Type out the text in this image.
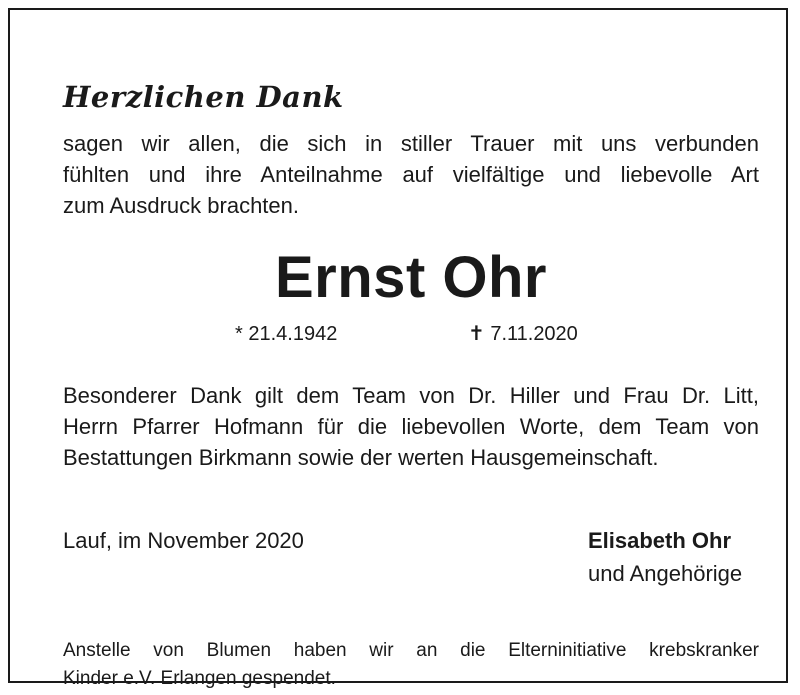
Herzlichen Dank

sagen wir allen, die sich in stiller Trauer mit uns verbunden
fühlten und ihre Anteilnahme auf vielfältige und liebevolle Art
zum Ausdruck brachten.

Ernst Ohr
* 21.4.1942	✝ 7.11.2020

Besonderer Dank gilt dem Team von Dr. Hiller und Frau Dr. Litt,
Herrn Pfarrer Hofmann für die liebevollen Worte, dem Team von
Bestattungen Birkmann sowie der werten Hausgemeinschaft.

Lauf, im November 2020	Elisabeth Ohr
und Angehörige

Anstelle von Blumen haben wir an die Elterninitiative krebskranker
Kinder e.V. Erlangen gespendet.
